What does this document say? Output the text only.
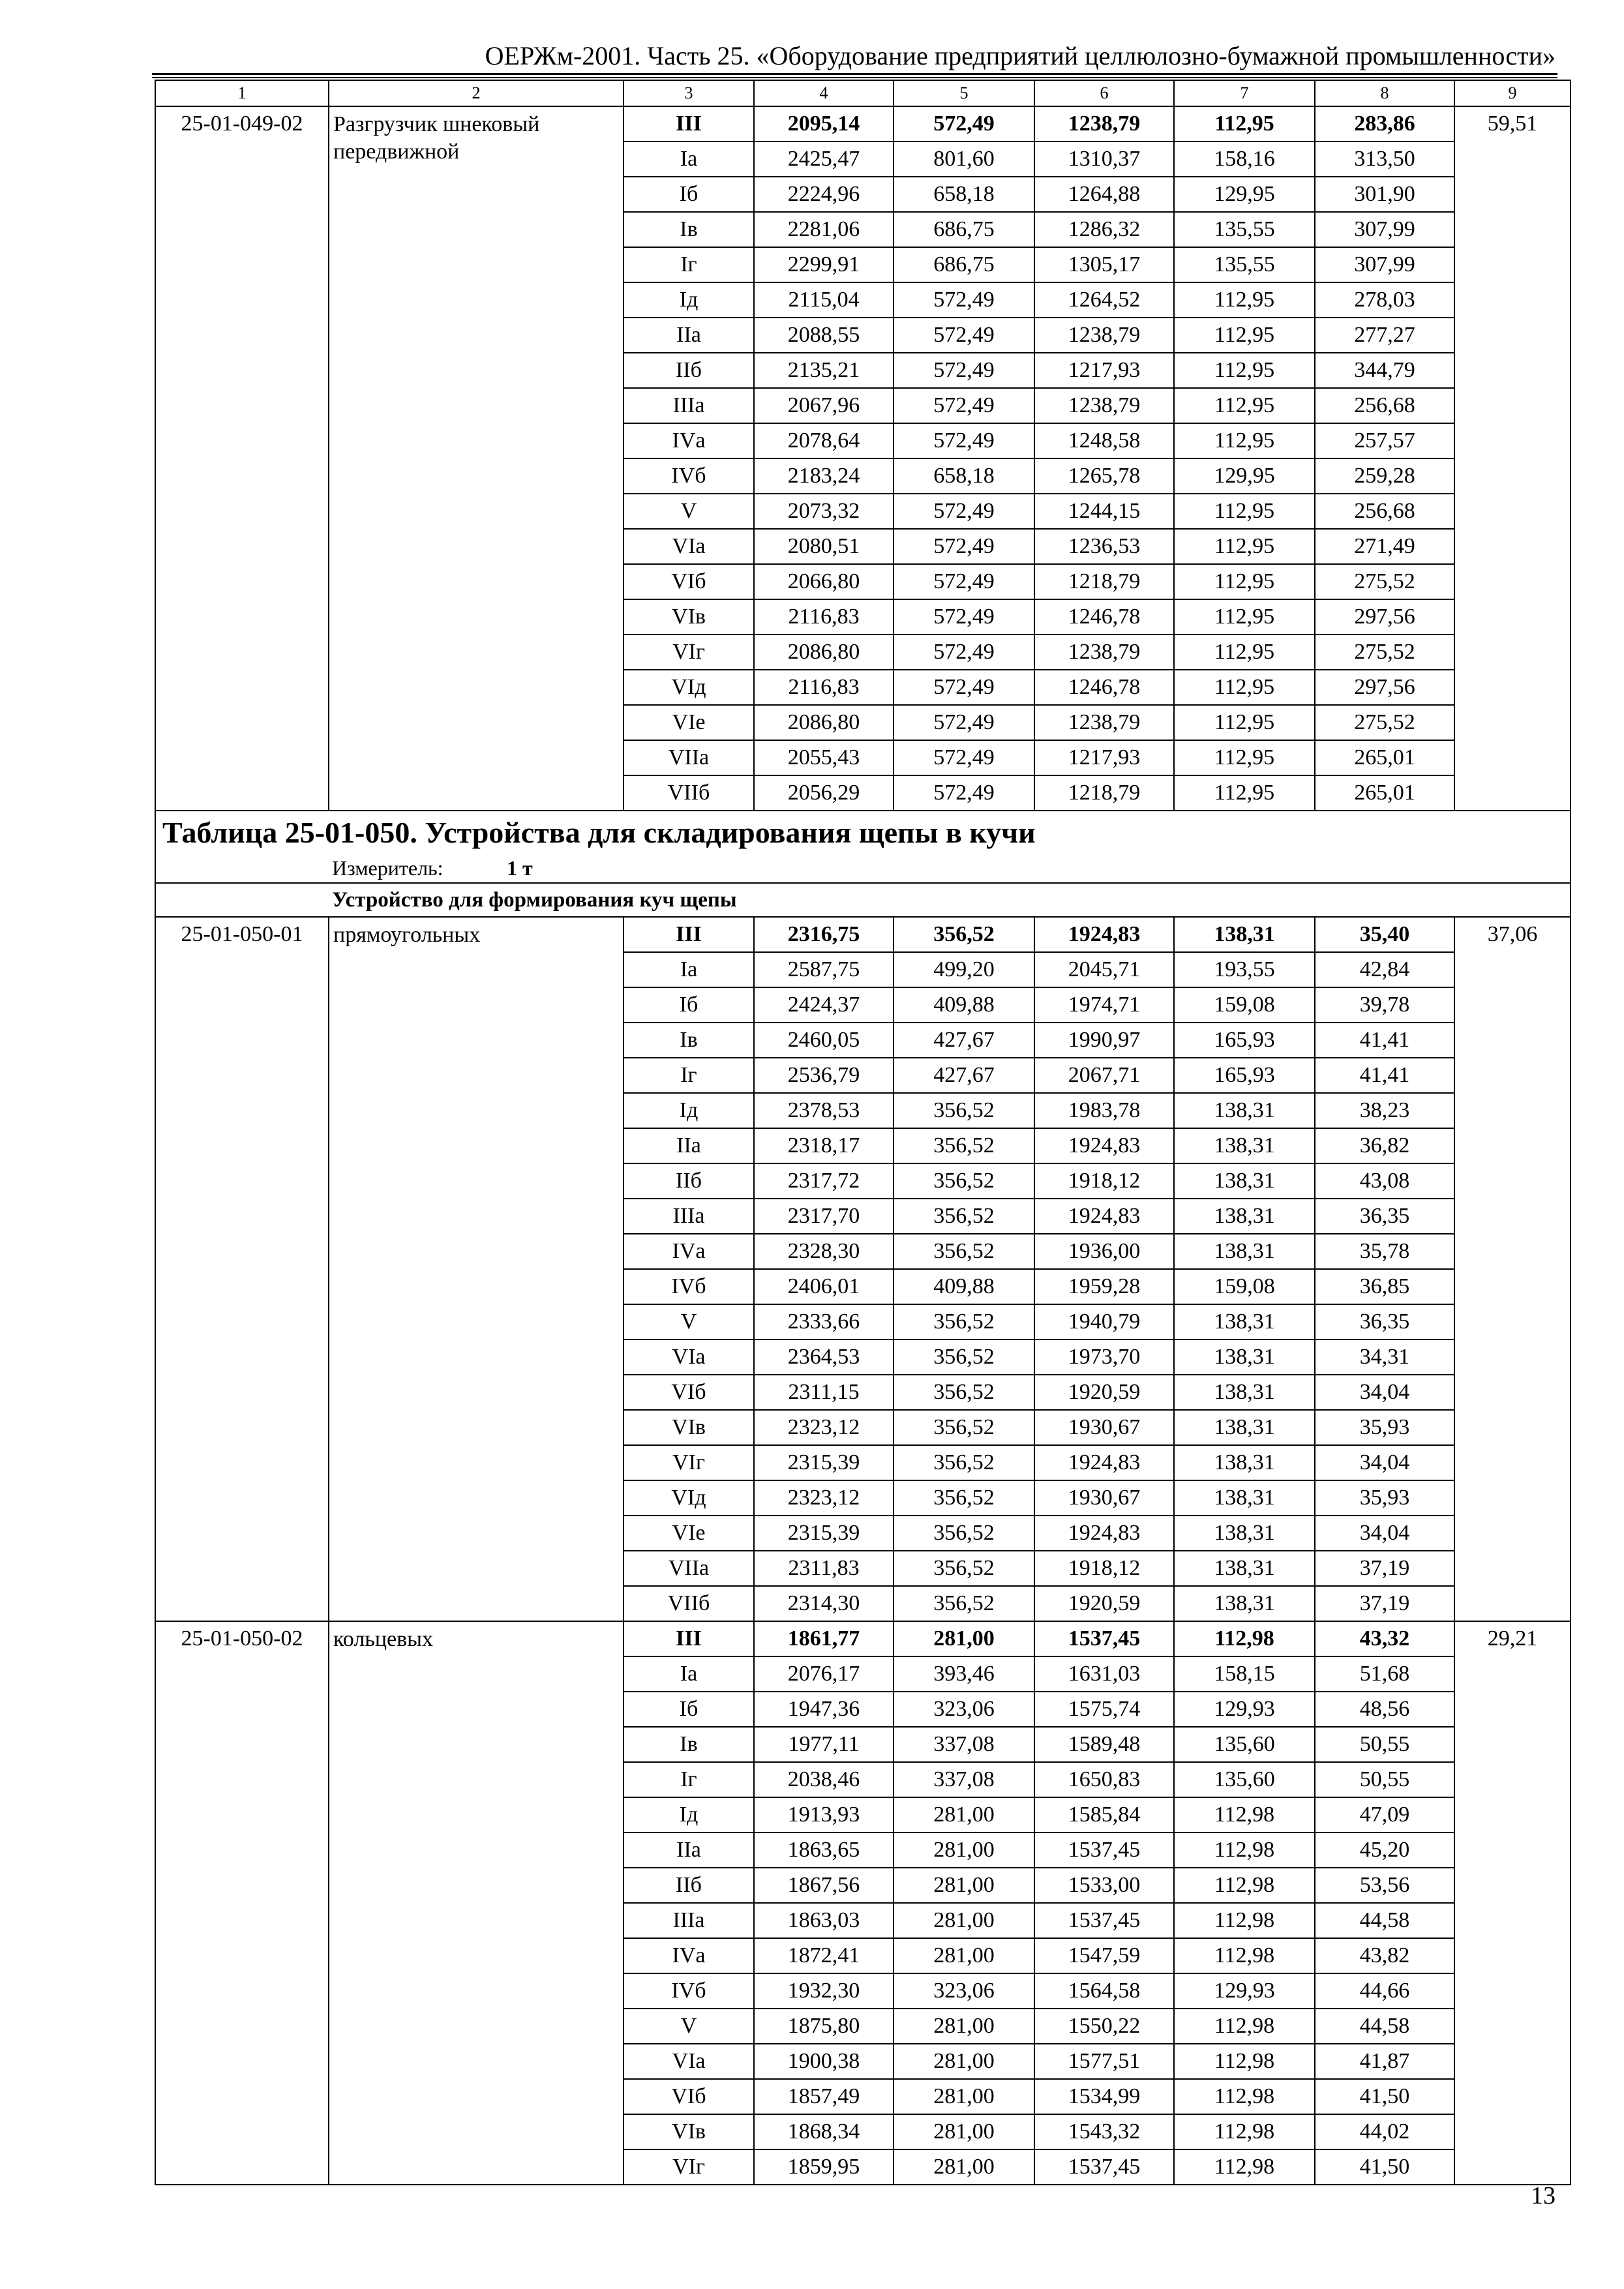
ОЕРЖм-2001. Часть 25. «Оборудование предприятий целлюлозно-бумажной промышленности»
1	2	3	4	5	6	7	8	9
25-01-049-02	Разгрузчик шнековый передвижной	III	2095,14	572,49	1238,79	112,95	283,86	59,51
		Iа	2425,47	801,60	1310,37	158,16	313,50	
		Iб	2224,96	658,18	1264,88	129,95	301,90	
		Iв	2281,06	686,75	1286,32	135,55	307,99	
		Iг	2299,91	686,75	1305,17	135,55	307,99	
		Iд	2115,04	572,49	1264,52	112,95	278,03	
		IIа	2088,55	572,49	1238,79	112,95	277,27	
		IIб	2135,21	572,49	1217,93	112,95	344,79	
		IIIа	2067,96	572,49	1238,79	112,95	256,68	
		IVа	2078,64	572,49	1248,58	112,95	257,57	
		IVб	2183,24	658,18	1265,78	129,95	259,28	
		V	2073,32	572,49	1244,15	112,95	256,68	
		VIа	2080,51	572,49	1236,53	112,95	271,49	
		VIб	2066,80	572,49	1218,79	112,95	275,52	
		VIв	2116,83	572,49	1246,78	112,95	297,56	
		VIг	2086,80	572,49	1238,79	112,95	275,52	
		VIд	2116,83	572,49	1246,78	112,95	297,56	
		VIе	2086,80	572,49	1238,79	112,95	275,52	
		VIIа	2055,43	572,49	1217,93	112,95	265,01	
		VIIб	2056,29	572,49	1218,79	112,95	265,01	
Таблица 25-01-050. Устройства для складирования щепы в кучи								
Измеритель: 1 т								
Устройство для формирования куч щепы								
25-01-050-01	прямоугольных	III	2316,75	356,52	1924,83	138,31	35,40	37,06
		Iа	2587,75	499,20	2045,71	193,55	42,84	
		Iб	2424,37	409,88	1974,71	159,08	39,78	
		Iв	2460,05	427,67	1990,97	165,93	41,41	
		Iг	2536,79	427,67	2067,71	165,93	41,41	
		Iд	2378,53	356,52	1983,78	138,31	38,23	
		IIа	2318,17	356,52	1924,83	138,31	36,82	
		IIб	2317,72	356,52	1918,12	138,31	43,08	
		IIIа	2317,70	356,52	1924,83	138,31	36,35	
		IVа	2328,30	356,52	1936,00	138,31	35,78	
		IVб	2406,01	409,88	1959,28	159,08	36,85	
		V	2333,66	356,52	1940,79	138,31	36,35	
		VIа	2364,53	356,52	1973,70	138,31	34,31	
		VIб	2311,15	356,52	1920,59	138,31	34,04	
		VIв	2323,12	356,52	1930,67	138,31	35,93	
		VIг	2315,39	356,52	1924,83	138,31	34,04	
		VIд	2323,12	356,52	1930,67	138,31	35,93	
		VIе	2315,39	356,52	1924,83	138,31	34,04	
		VIIа	2311,83	356,52	1918,12	138,31	37,19	
		VIIб	2314,30	356,52	1920,59	138,31	37,19	
25-01-050-02	кольцевых	III	1861,77	281,00	1537,45	112,98	43,32	29,21
		Iа	2076,17	393,46	1631,03	158,15	51,68	
		Iб	1947,36	323,06	1575,74	129,93	48,56	
		Iв	1977,11	337,08	1589,48	135,60	50,55	
		Iг	2038,46	337,08	1650,83	135,60	50,55	
		Iд	1913,93	281,00	1585,84	112,98	47,09	
		IIа	1863,65	281,00	1537,45	112,98	45,20	
		IIб	1867,56	281,00	1533,00	112,98	53,56	
		IIIа	1863,03	281,00	1537,45	112,98	44,58	
		IVа	1872,41	281,00	1547,59	112,98	43,82	
		IVб	1932,30	323,06	1564,58	129,93	44,66	
		V	1875,80	281,00	1550,22	112,98	44,58	
		VIа	1900,38	281,00	1577,51	112,98	41,87	
		VIб	1857,49	281,00	1534,99	112,98	41,50	
		VIв	1868,34	281,00	1543,32	112,98	44,02	
		VIг	1859,95	281,00	1537,45	112,98	41,50	
13
